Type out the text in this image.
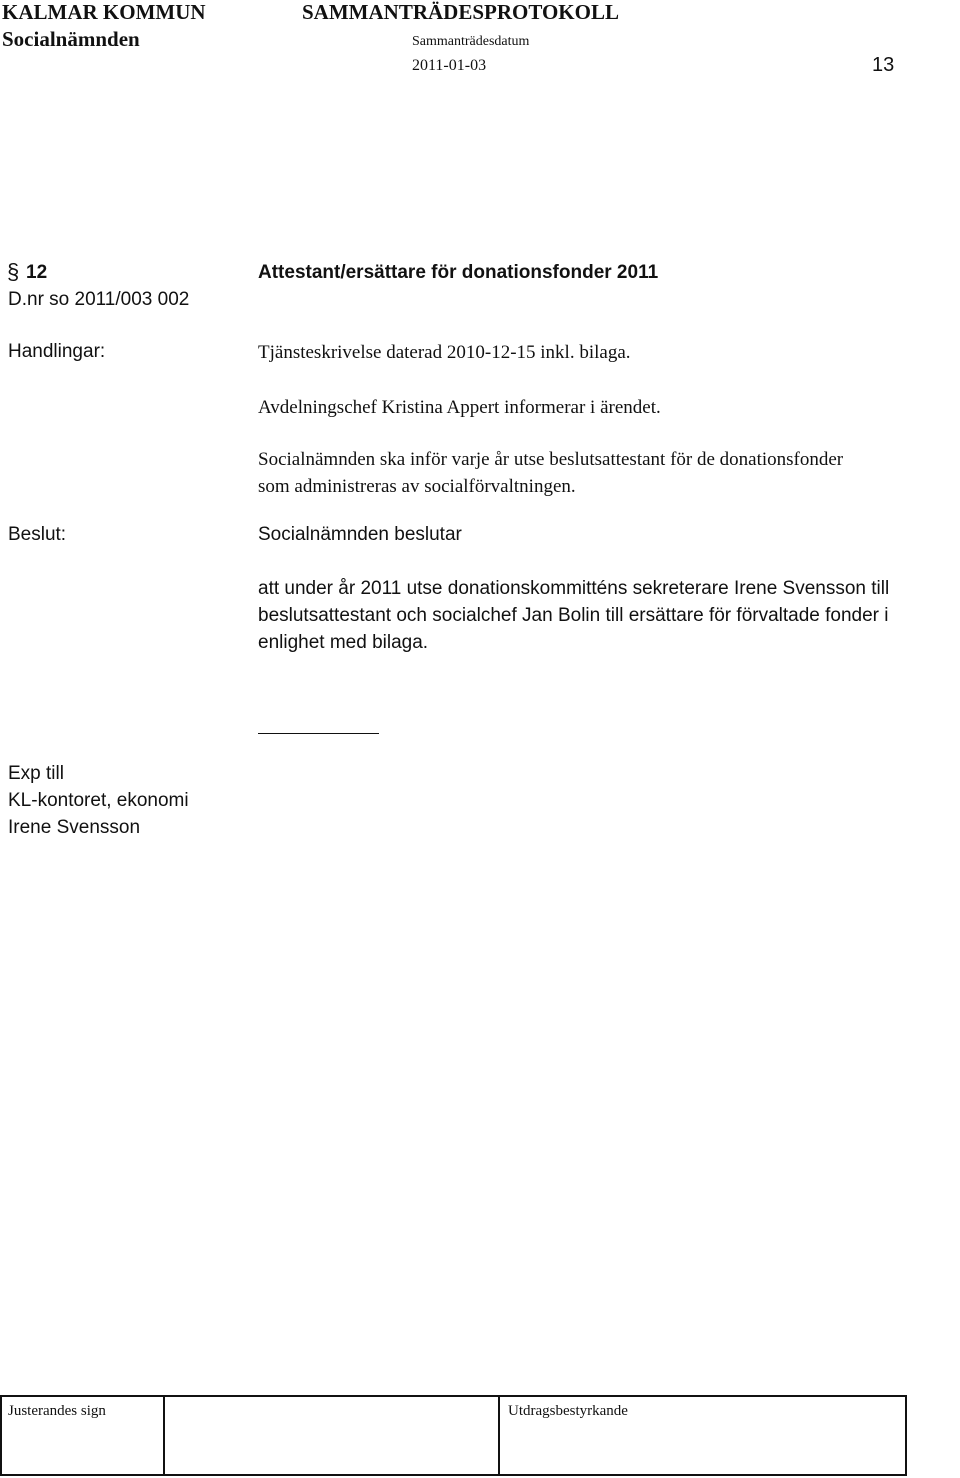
KALMAR KOMMUN
Socialnämnden
SAMMANTRÄDESPROTOKOLL
Sammanträdesdatum
2011-01-03	13
§ 12
D.nr so 2011/003 002
Attestant/ersättare för donationsfonder 2011
Handlingar:	Tjänsteskrivelse daterad 2010-12-15 inkl. bilaga.
Avdelningschef Kristina Appert informerar i ärendet.
Socialnämnden ska inför varje år utse beslutsattestant för de donationsfonder
som administreras av socialförvaltningen.
Beslut:	Socialnämnden beslutar
att under år 2011 utse donationskommitténs sekreterare Irene Svensson till
beslutsattestant och socialchef Jan Bolin till ersättare för förvaltade fonder i
enlighet med bilaga.
Exp till
KL-kontoret, ekonomi
Irene Svensson
Justerandes sign	Utdragsbestyrkande
